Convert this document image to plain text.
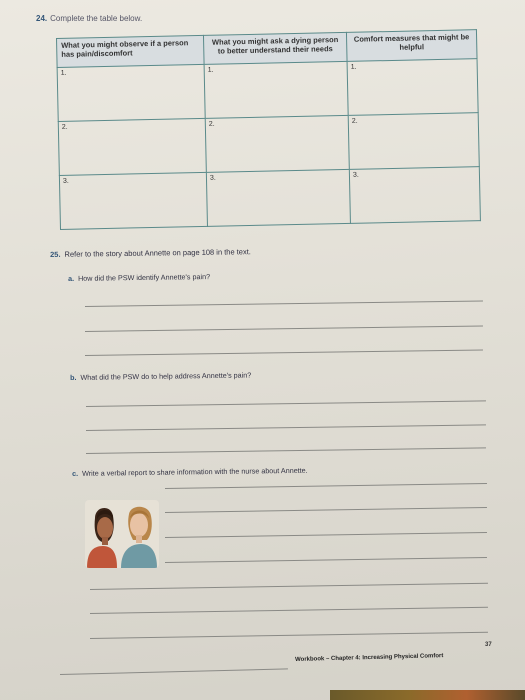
24. Complete the table below.
What you might observe if a person has pain/discomfort	What you might ask a dying person to better understand their needs	Comfort measures that might be helpful
1.	1.	1.
2.	2.	2.
3.	3.	3.
25. Refer to the story about Annette on page 108 in the text.
a. How did the PSW identify Annette's pain?
b. What did the PSW do to help address Annette's pain?
c. Write a verbal report to share information with the nurse about Annette.
Workbook – Chapter 4: Increasing Physical Comfort
37
